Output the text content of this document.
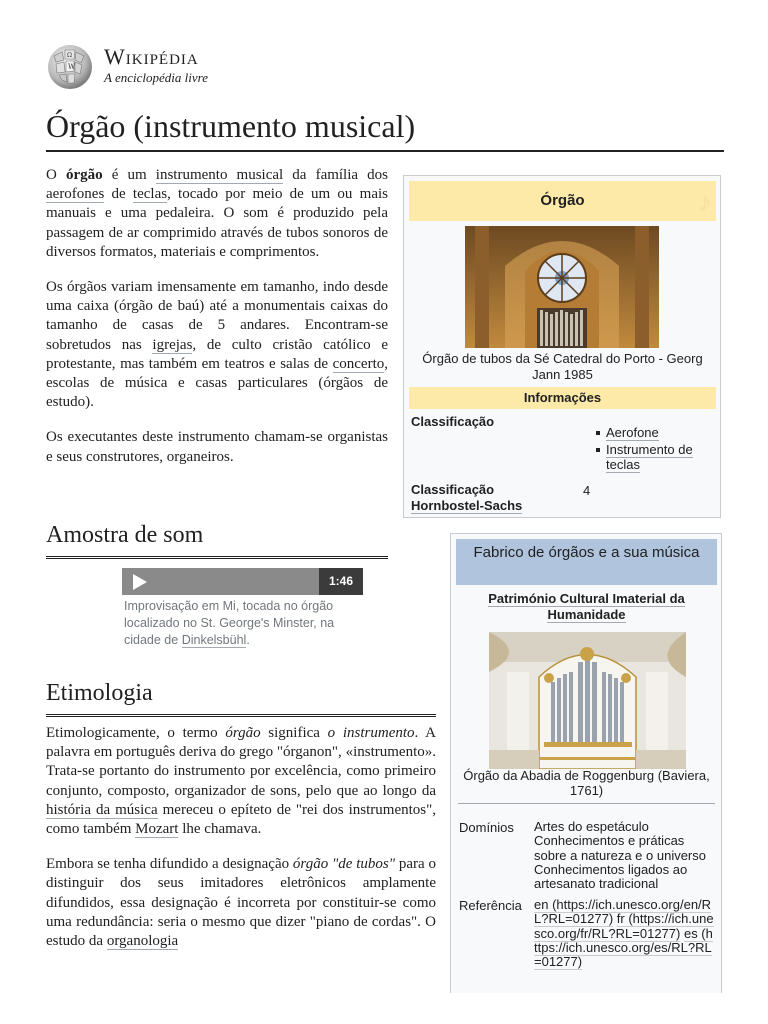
Ω
W Wikipédia
A enciclopédia livre
Órgão (instrumento musical)

O órgão é um instrumento musical da família dos aerofones de teclas, tocado por meio de um ou mais manuais e uma pedaleira. O som é produzido pela passagem de ar comprimido através de tubos sonoros de diversos formatos, materiais e comprimentos.

Os órgãos variam imensamente em tamanho, indo desde uma caixa (órgão de baú) até a monumentais caixas do tamanho de casas de 5 andares. Encontram-se sobretudos nas igrejas, de culto cristão católico e protestante, mas também em teatros e salas de concerto, escolas de música e casas particulares (órgãos de estudo).

Os executantes deste instrumento chamam-se organistas e seus construtores, organeiros.

Amostra de som
1:46
Improvisação em Mi, tocada no órgão localizado no St. George's Minster, na cidade de Dinkelsbühl.
Etimologia

Etimologicamente, o termo órgão significa o instrumento. A palavra em português deriva do grego "órganon", «instrumento». Trata-se portanto do instrumento por excelência, como primeiro conjunto, composto, organizador de sons, pelo que ao longo da história da música mereceu o epíteto de "rei dos instrumentos", como também Mozart lhe chamava.

Embora se tenha difundido a designação órgão "de tubos" para o distinguir dos seus imitadores eletrônicos amplamente difundidos, essa designação é incorreta por constituir-se como uma redundância: seria o mesmo que dizer "piano de cordas". O estudo da organologia

Órgão	♪
Órgão de tubos da Sé Catedral do Porto - Georg Jann 1985
Informações
Classificação
Aerofone
Instrumento de teclas
Classificação
Hornbostel-Sachs
4
Fabrico de órgãos e a sua música
Património Cultural Imaterial da Humanidade
Órgão da Abadia de Roggenburg (Baviera, 1761)
Domínios Artes do espetáculo
Conhecimentos e práticas sobre a natureza e o universo
Conhecimentos ligados ao artesanato tradicional
Referência en (https://ich.unesco.org/en/RL?RL=01277) fr (https://ich.unesco.org/fr/RL?RL=01277) es (https://ich.unesco.org/es/RL?RL=01277)
